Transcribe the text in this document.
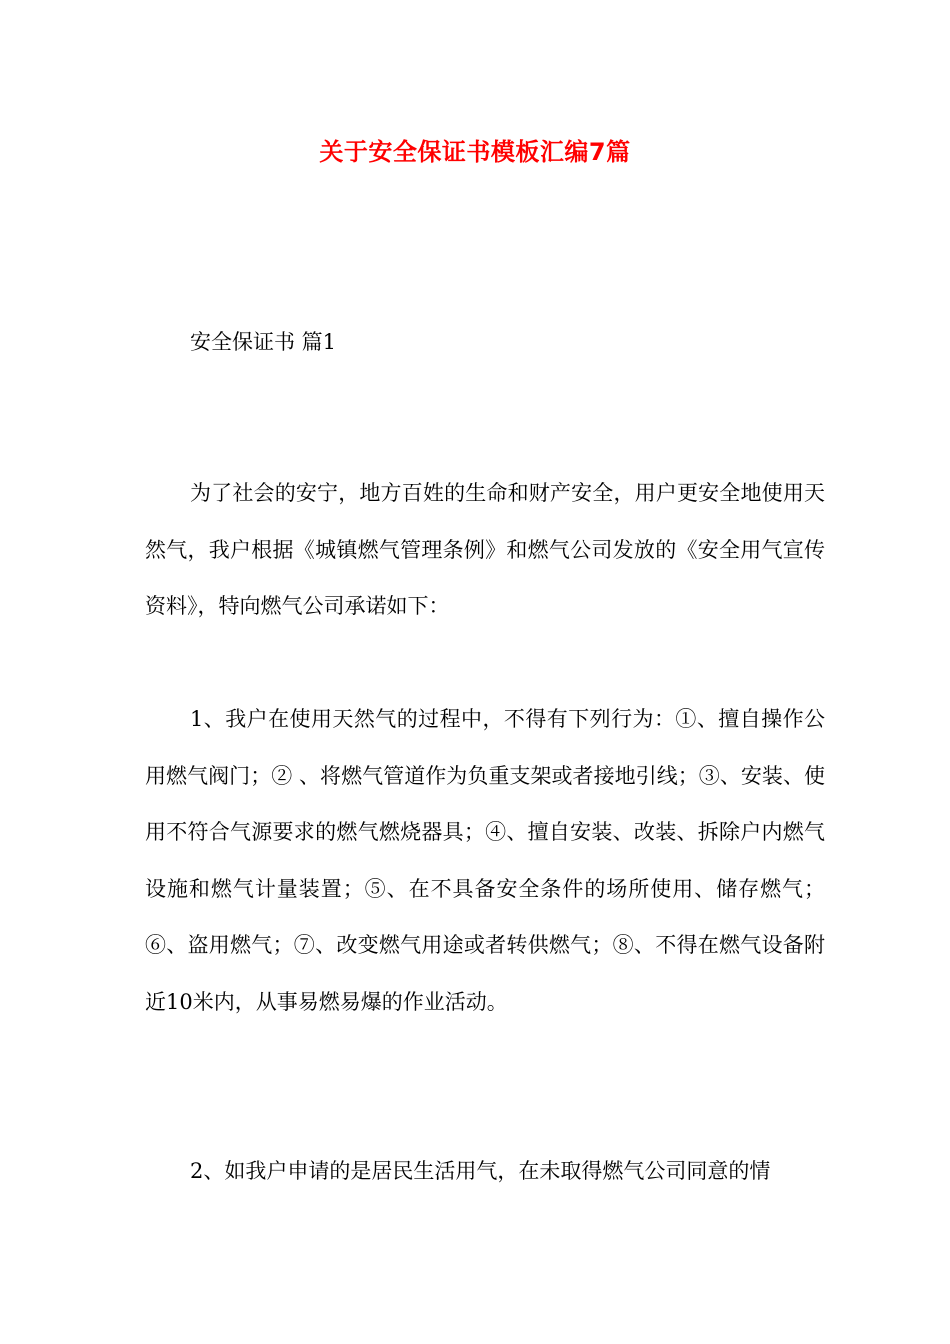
关于安全保证书模板汇编7篇
安全保证书 篇1

为了社会的安宁，地方百姓的生命和财产安全，用户更安全地使用天然气，我户根据《城镇燃气管理条例》和燃气公司发放的《安全用气宣传资料》，特向燃气公司承诺如下：

1、我户在使用天然气的过程中，不得有下列行为：①、擅自操作公用燃气阀门；② 、将燃气管道作为负重支架或者接地引线；③、安装、使用不符合气源要求的燃气燃烧器具；④、擅自安装、改装、拆除户内燃气设施和燃气计量装置；⑤、在不具备安全条件的场所使用、储存燃气；⑥、盗用燃气；⑦、改变燃气用途或者转供燃气；⑧、不得在燃气设备附近10米内，从事易燃易爆的作业活动。

2、如我户申请的是居民生活用气，在未取得燃气公司同意的情
